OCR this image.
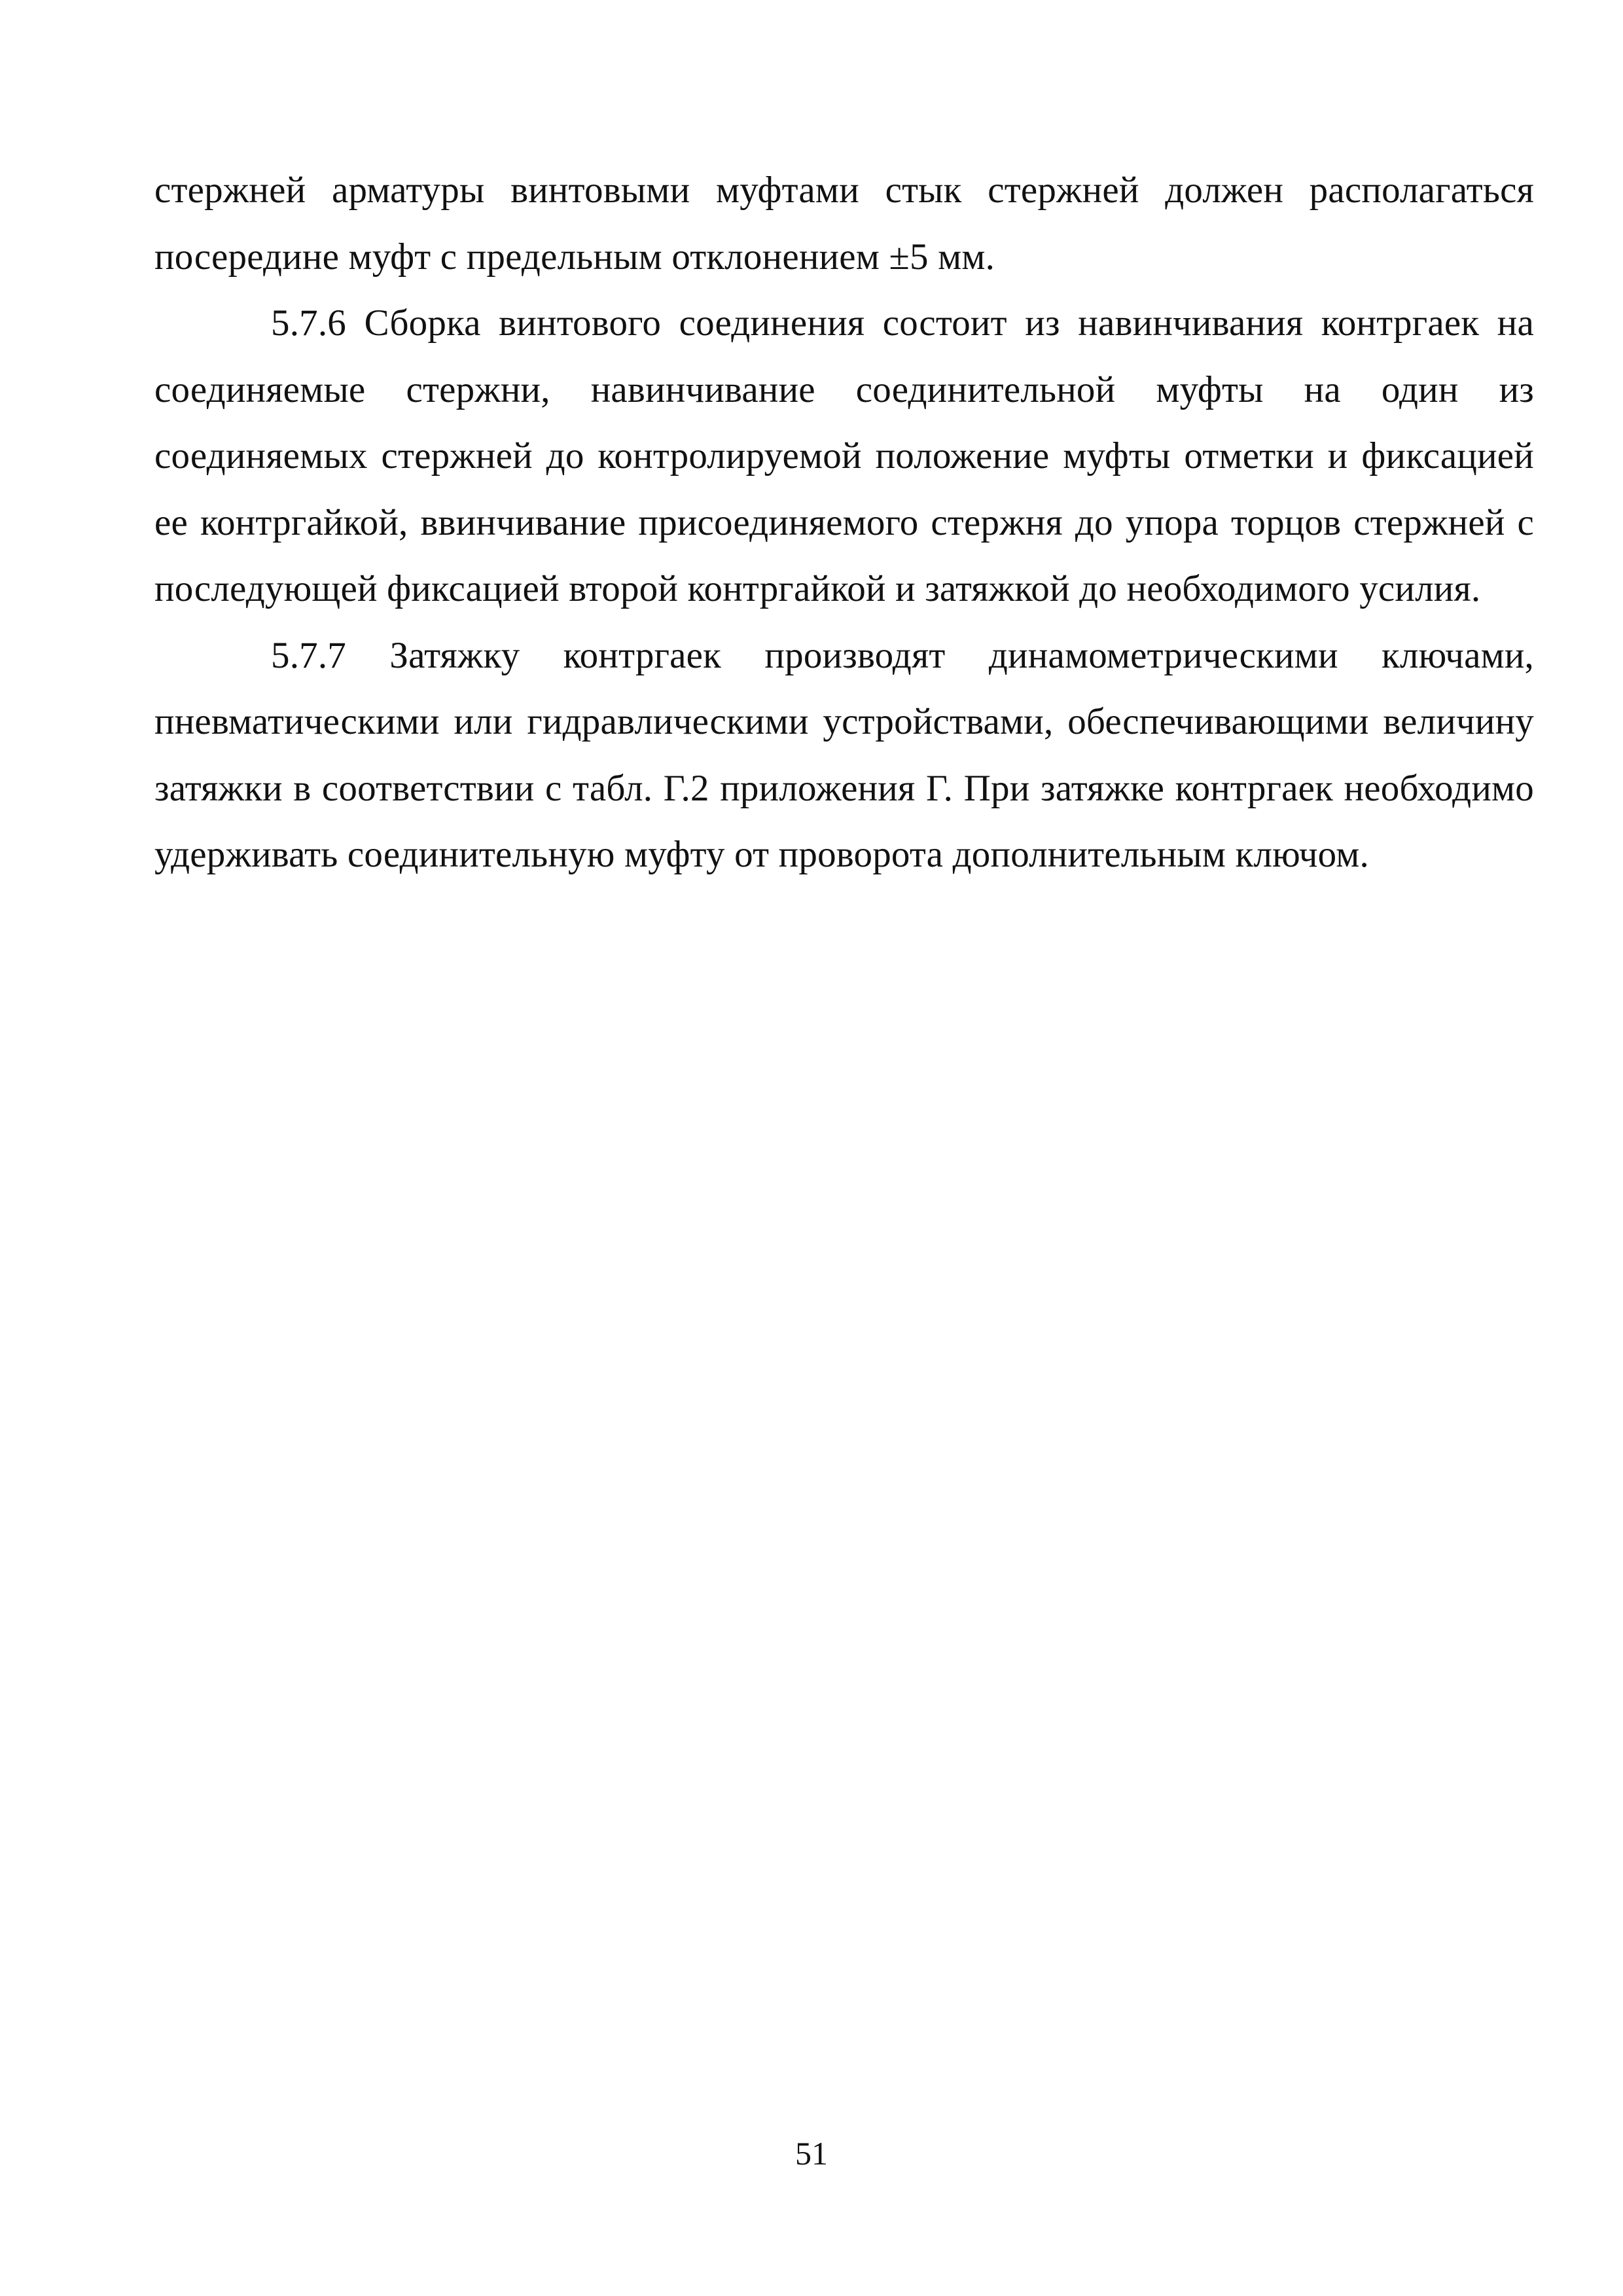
стержней арматуры винтовыми муфтами стык стержней должен располагаться посередине муфт с предельным отклонением ±5 мм.

5.7.6 Сборка винтового соединения состоит из навинчивания контргаек на соединяемые стержни, навинчивание соединительной муфты на один из соединяемых стержней до контролируемой положение муфты отметки и фиксацией ее контргайкой, ввинчивание присоединяемого стержня до упора торцов стержней с последующей фиксацией второй контргайкой и затяжкой до необходимого усилия.

5.7.7 Затяжку контргаек производят динамометрическими ключами, пневматическими или гидравлическими устройствами, обеспечивающими величину затяжки в соответствии с табл. Г.2 приложения Г. При затяжке контргаек необходимо удерживать соединительную муфту от проворота дополнительным ключом.

51
